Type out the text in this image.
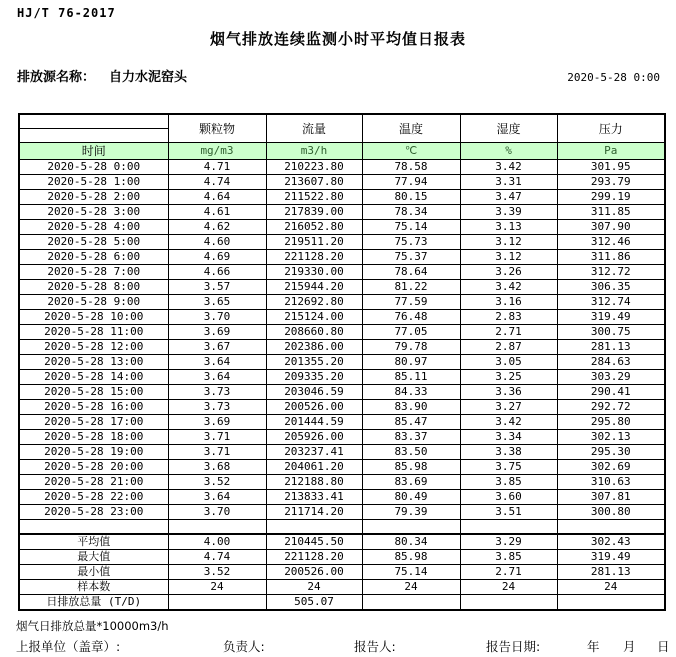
HJ/T 76-2017
烟气排放连续监测小时平均值日报表
排放源名称： 自力水泥窑头	2020-5-28 0:00
	颗粒物	流量	温度	湿度	压力
时间	mg/m3	m3/h	℃	%	Pa
2020-5-28 0:00	4.71	210223.80	78.58	3.42	301.95
2020-5-28 1:00	4.74	213607.80	77.94	3.31	293.79
2020-5-28 2:00	4.64	211522.80	80.15	3.47	299.19
2020-5-28 3:00	4.61	217839.00	78.34	3.39	311.85
2020-5-28 4:00	4.62	216052.80	75.14	3.13	307.90
2020-5-28 5:00	4.60	219511.20	75.73	3.12	312.46
2020-5-28 6:00	4.69	221128.20	75.37	3.12	311.86
2020-5-28 7:00	4.66	219330.00	78.64	3.26	312.72
2020-5-28 8:00	3.57	215944.20	81.22	3.42	306.35
2020-5-28 9:00	3.65	212692.80	77.59	3.16	312.74
2020-5-28 10:00	3.70	215124.00	76.48	2.83	319.49
2020-5-28 11:00	3.69	208660.80	77.05	2.71	300.75
2020-5-28 12:00	3.67	202386.00	79.78	2.87	281.13
2020-5-28 13:00	3.64	201355.20	80.97	3.05	284.63
2020-5-28 14:00	3.64	209335.20	85.11	3.25	303.29
2020-5-28 15:00	3.73	203046.59	84.33	3.36	290.41
2020-5-28 16:00	3.73	200526.00	83.90	3.27	292.72
2020-5-28 17:00	3.69	201444.59	85.47	3.42	295.80
2020-5-28 18:00	3.71	205926.00	83.37	3.34	302.13
2020-5-28 19:00	3.71	203237.41	83.50	3.38	295.30
2020-5-28 20:00	3.68	204061.20	85.98	3.75	302.69
2020-5-28 21:00	3.52	212188.80	83.69	3.85	310.63
2020-5-28 22:00	3.64	213833.41	80.49	3.60	307.81
2020-5-28 23:00	3.70	211714.20	79.39	3.51	300.80

平均值	4.00	210445.50	80.34	3.29	302.43
最大值	4.74	221128.20	85.98	3.85	319.49
最小值	3.52	200526.00	75.14	2.71	281.13
样本数	24	24	24	24	24
日排放总量 (T/D)		505.07			
烟气日排放总量*10000m3/h
上报单位（盖章）:	负责人:	报告人:	报告日期:	年 月 日
